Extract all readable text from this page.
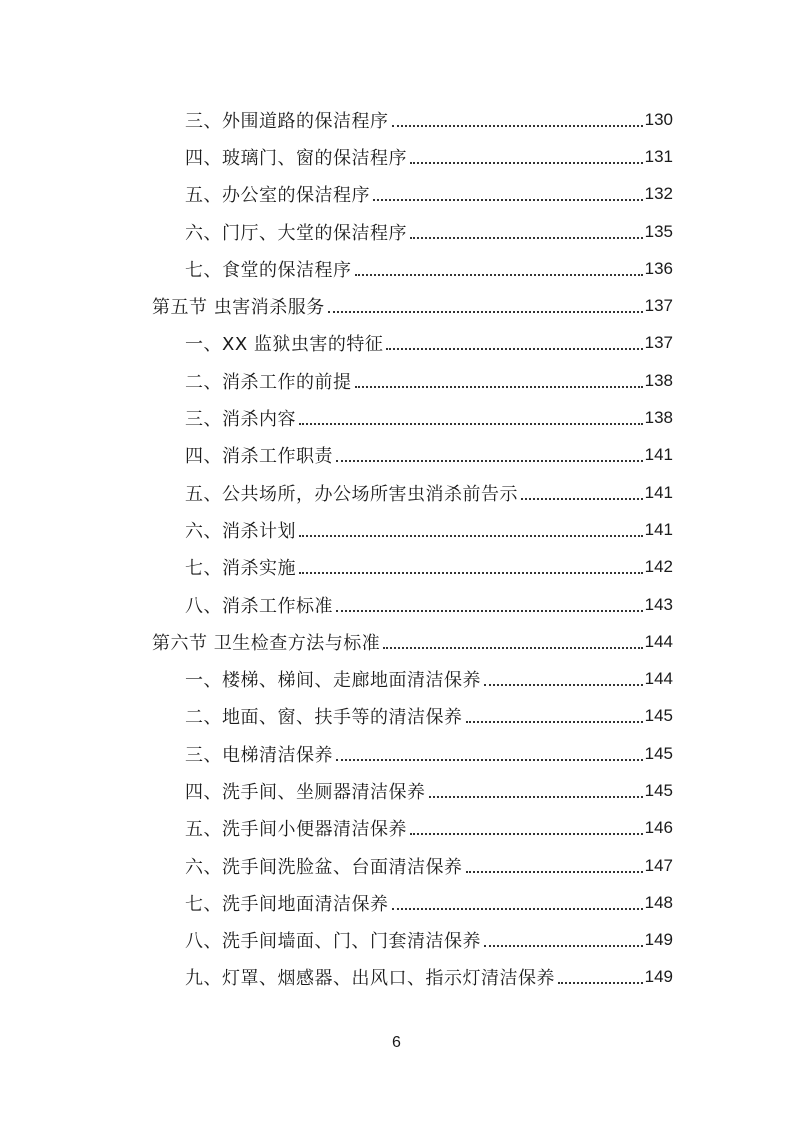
三、外围道路的保洁程序	130
四、玻璃门、窗的保洁程序	131
五、办公室的保洁程序	132
六、门厅、大堂的保洁程序	135
七、食堂的保洁程序	136
第五节 虫害消杀服务	137
一、XX 监狱虫害的特征	137
二、消杀工作的前提	138
三、消杀内容	138
四、消杀工作职责	141
五、公共场所，办公场所害虫消杀前告示	141
六、消杀计划	141
七、消杀实施	142
八、消杀工作标准	143
第六节 卫生检查方法与标准	144
一、楼梯、梯间、走廊地面清洁保养	144
二、地面、窗、扶手等的清洁保养	145
三、电梯清洁保养	145
四、洗手间、坐厕器清洁保养	145
五、洗手间小便器清洁保养	146
六、洗手间洗脸盆、台面清洁保养	147
七、洗手间地面清洁保养	148
八、洗手间墙面、门、门套清洁保养	149
九、灯罩、烟感器、出风口、指示灯清洁保养	149
6
